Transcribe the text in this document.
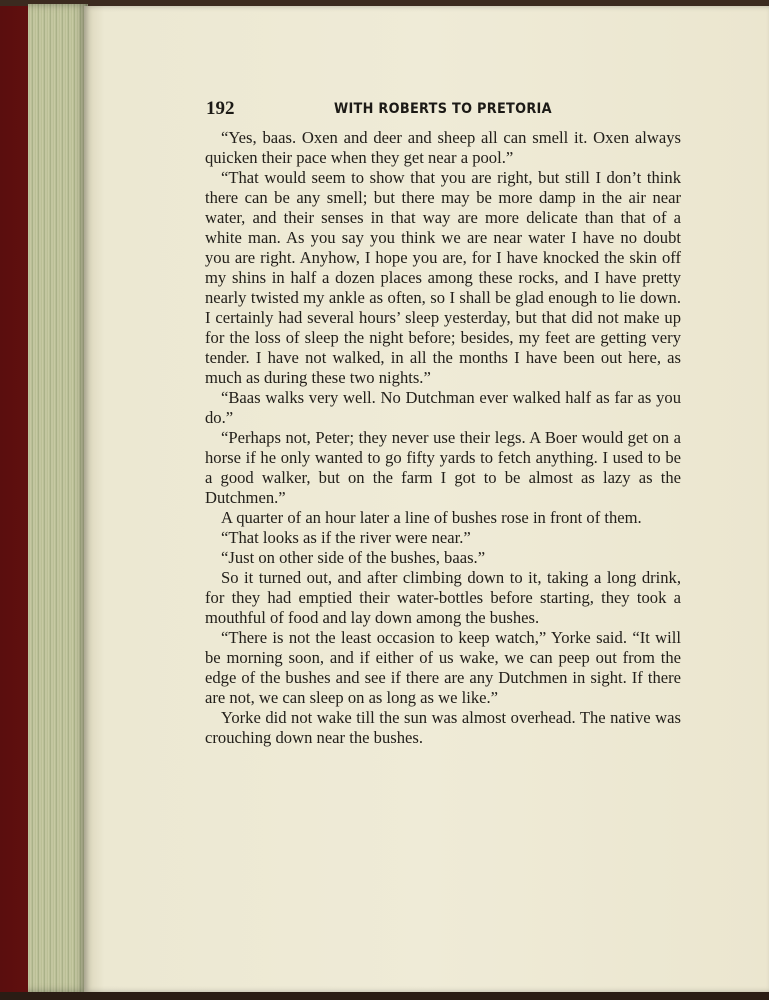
192	WITH ROBERTS TO PRETORIA

“Yes, baas. Oxen and deer and sheep all can smell it. Oxen always quicken their pace when they get near a pool.”

“That would seem to show that you are right, but still I don’t think there can be any smell; but there may be more damp in the air near water, and their senses in that way are more delicate than that of a white man. As you say you think we are near water I have no doubt you are right. Anyhow, I hope you are, for I have knocked the skin off my shins in half a dozen places among these rocks, and I have pretty nearly twisted my ankle as often, so I shall be glad enough to lie down. I certainly had several hours’ sleep yesterday, but that did not make up for the loss of sleep the night before; besides, my feet are getting very tender. I have not walked, in all the months I have been out here, as much as during these two nights.”

“Baas walks very well. No Dutchman ever walked half as far as you do.”

“Perhaps not, Peter; they never use their legs. A Boer would get on a horse if he only wanted to go fifty yards to fetch anything. I used to be a good walker, but on the farm I got to be almost as lazy as the Dutchmen.”

A quarter of an hour later a line of bushes rose in front of them.

“That looks as if the river were near.”

“Just on other side of the bushes, baas.”

So it turned out, and after climbing down to it, taking a long drink, for they had emptied their water-bottles before starting, they took a mouthful of food and lay down among the bushes.

“There is not the least occasion to keep watch,” Yorke said. “It will be morning soon, and if either of us wake, we can peep out from the edge of the bushes and see if there are any Dutchmen in sight. If there are not, we can sleep on as long as we like.”

Yorke did not wake till the sun was almost overhead. The native was crouching down near the bushes.
